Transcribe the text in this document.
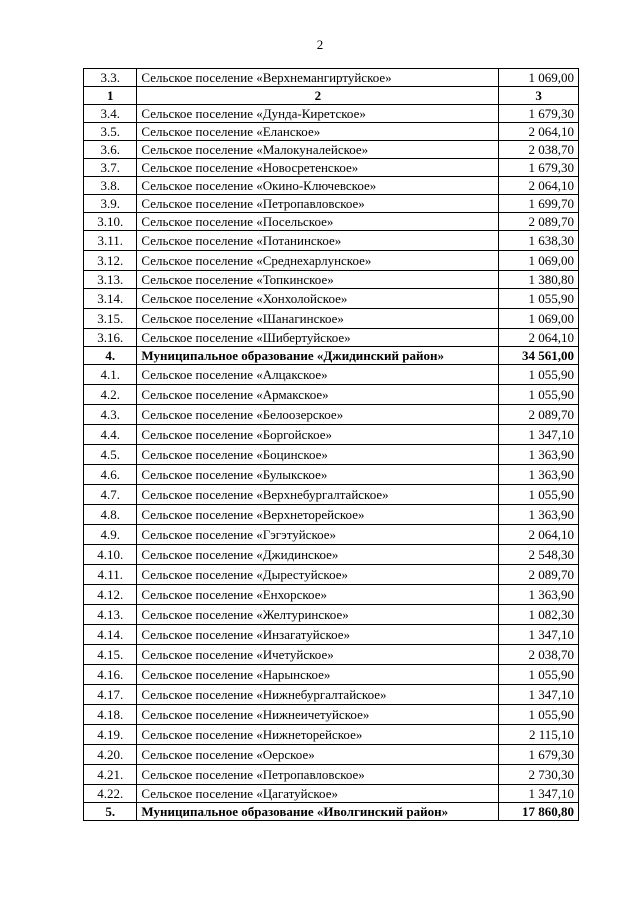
2
3.3.	Сельское поселение «Верхнемангиртуйское»	1 069,00
1	2	3
3.4.	Сельское поселение «Дунда-Киретское»	1 679,30
3.5.	Сельское поселение «Еланское»	2 064,10
3.6.	Сельское поселение «Малокуналейское»	2 038,70
3.7.	Сельское поселение «Новосретенское»	1 679,30
3.8.	Сельское поселение «Окино-Ключевское»	2 064,10
3.9.	Сельское поселение «Петропавловское»	1 699,70
3.10.	Сельское поселение «Посельское»	2 089,70
3.11.	Сельское поселение «Потанинское»	1 638,30
3.12.	Сельское поселение «Среднехарлунское»	1 069,00
3.13.	Сельское поселение «Топкинское»	1 380,80
3.14.	Сельское поселение «Хонхолойское»	1 055,90
3.15.	Сельское поселение «Шанагинское»	1 069,00
3.16.	Сельское поселение «Шибертуйское»	2 064,10
4.	Муниципальное образование «Джидинский район»	34 561,00
4.1.	Сельское поселение «Алцакское»	1 055,90
4.2.	Сельское поселение «Армакское»	1 055,90
4.3.	Сельское поселение «Белоозерское»	2 089,70
4.4.	Сельское поселение «Боргойское»	1 347,10
4.5.	Сельское поселение «Боцинское»	1 363,90
4.6.	Сельское поселение «Булыкское»	1 363,90
4.7.	Сельское поселение «Верхнебургалтайское»	1 055,90
4.8.	Сельское поселение «Верхнеторейское»	1 363,90
4.9.	Сельское поселение «Гэгэтуйское»	2 064,10
4.10.	Сельское поселение «Джидинское»	2 548,30
4.11.	Сельское поселение «Дырестуйское»	2 089,70
4.12.	Сельское поселение «Енхорское»	1 363,90
4.13.	Сельское поселение «Желтуринское»	1 082,30
4.14.	Сельское поселение «Инзагатуйское»	1 347,10
4.15.	Сельское поселение «Ичетуйское»	2 038,70
4.16.	Сельское поселение «Нарынское»	1 055,90
4.17.	Сельское поселение «Нижнебургалтайское»	1 347,10
4.18.	Сельское поселение «Нижнеичетуйское»	1 055,90
4.19.	Сельское поселение «Нижнеторейское»	2 115,10
4.20.	Сельское поселение «Оерское»	1 679,30
4.21.	Сельское поселение «Петропавловское»	2 730,30
4.22.	Сельское поселение «Цагатуйское»	1 347,10
5.	Муниципальное образование «Иволгинский район»	17 860,80
